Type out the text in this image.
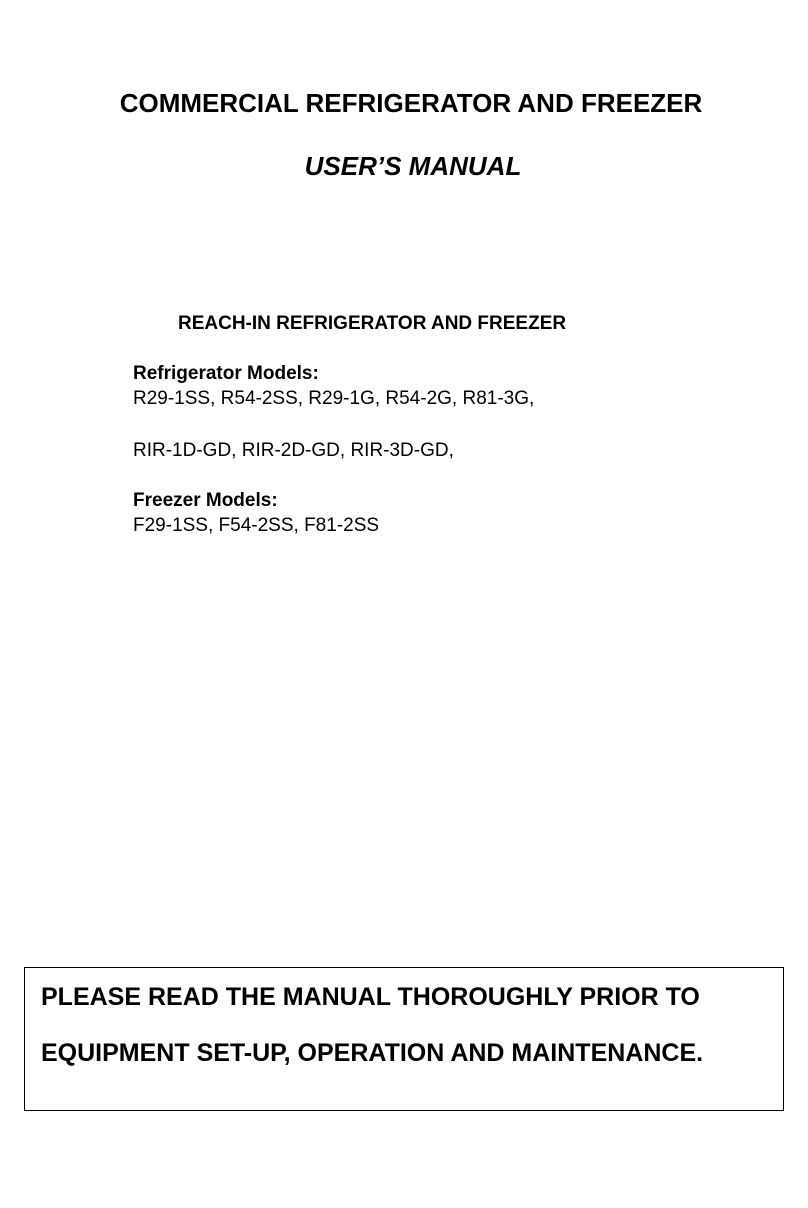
COMMERCIAL REFRIGERATOR AND FREEZER
USER’S MANUAL
REACH-IN REFRIGERATOR AND FREEZER
Refrigerator Models:
R29-1SS, R54-2SS, R29-1G, R54-2G, R81-3G,
RIR-1D-GD, RIR-2D-GD, RIR-3D-GD,
Freezer Models:
F29-1SS, F54-2SS, F81-2SS
PLEASE READ THE MANUAL THOROUGHLY PRIOR TO
EQUIPMENT SET-UP, OPERATION AND MAINTENANCE.
